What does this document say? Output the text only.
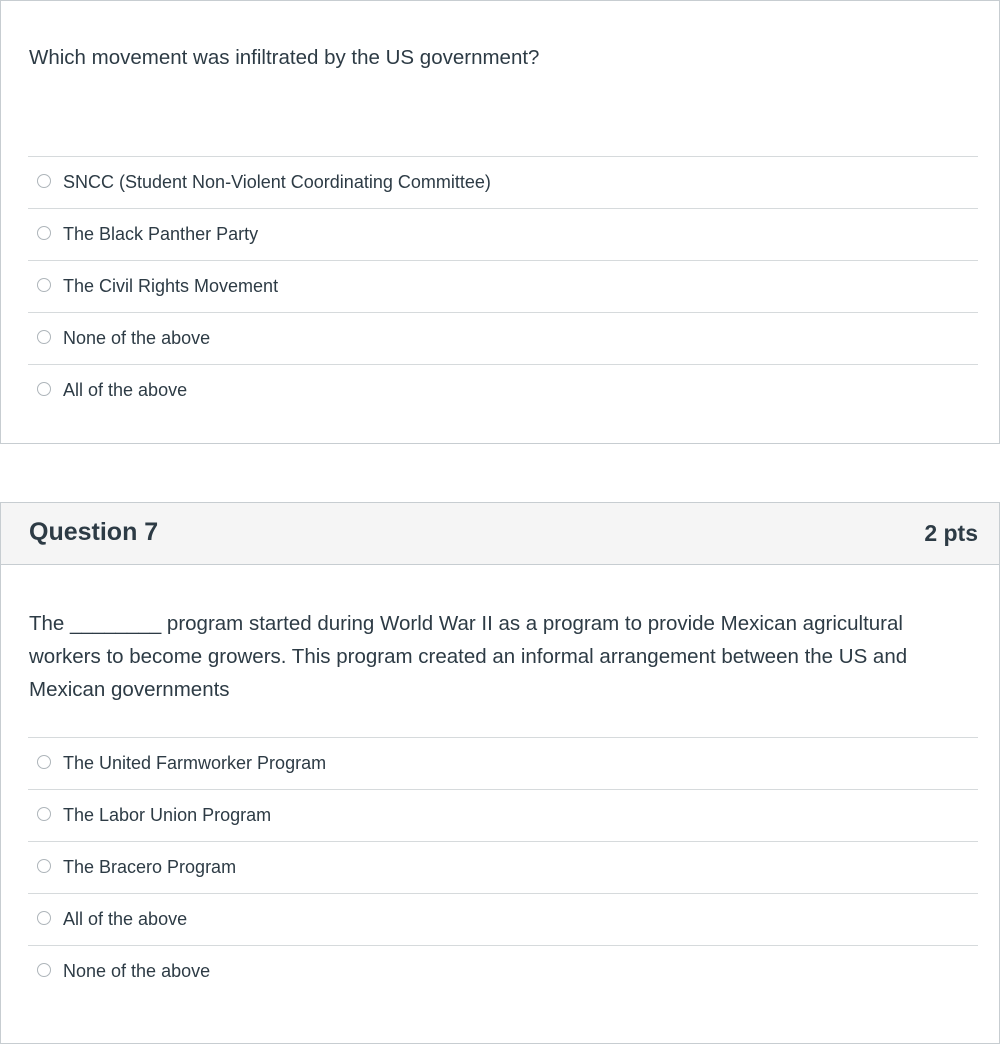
Which movement was infiltrated by the US government?
SNCC (Student Non-Violent Coordinating Committee)
The Black Panther Party
The Civil Rights Movement
None of the above
All of the above
Question 7	2 pts
The ________ program started during World War II as a program to provide Mexican agricultural workers to become growers. This program created an informal arrangement between the US and Mexican governments
The United Farmworker Program
The Labor Union Program
The Bracero Program
All of the above
None of the above
